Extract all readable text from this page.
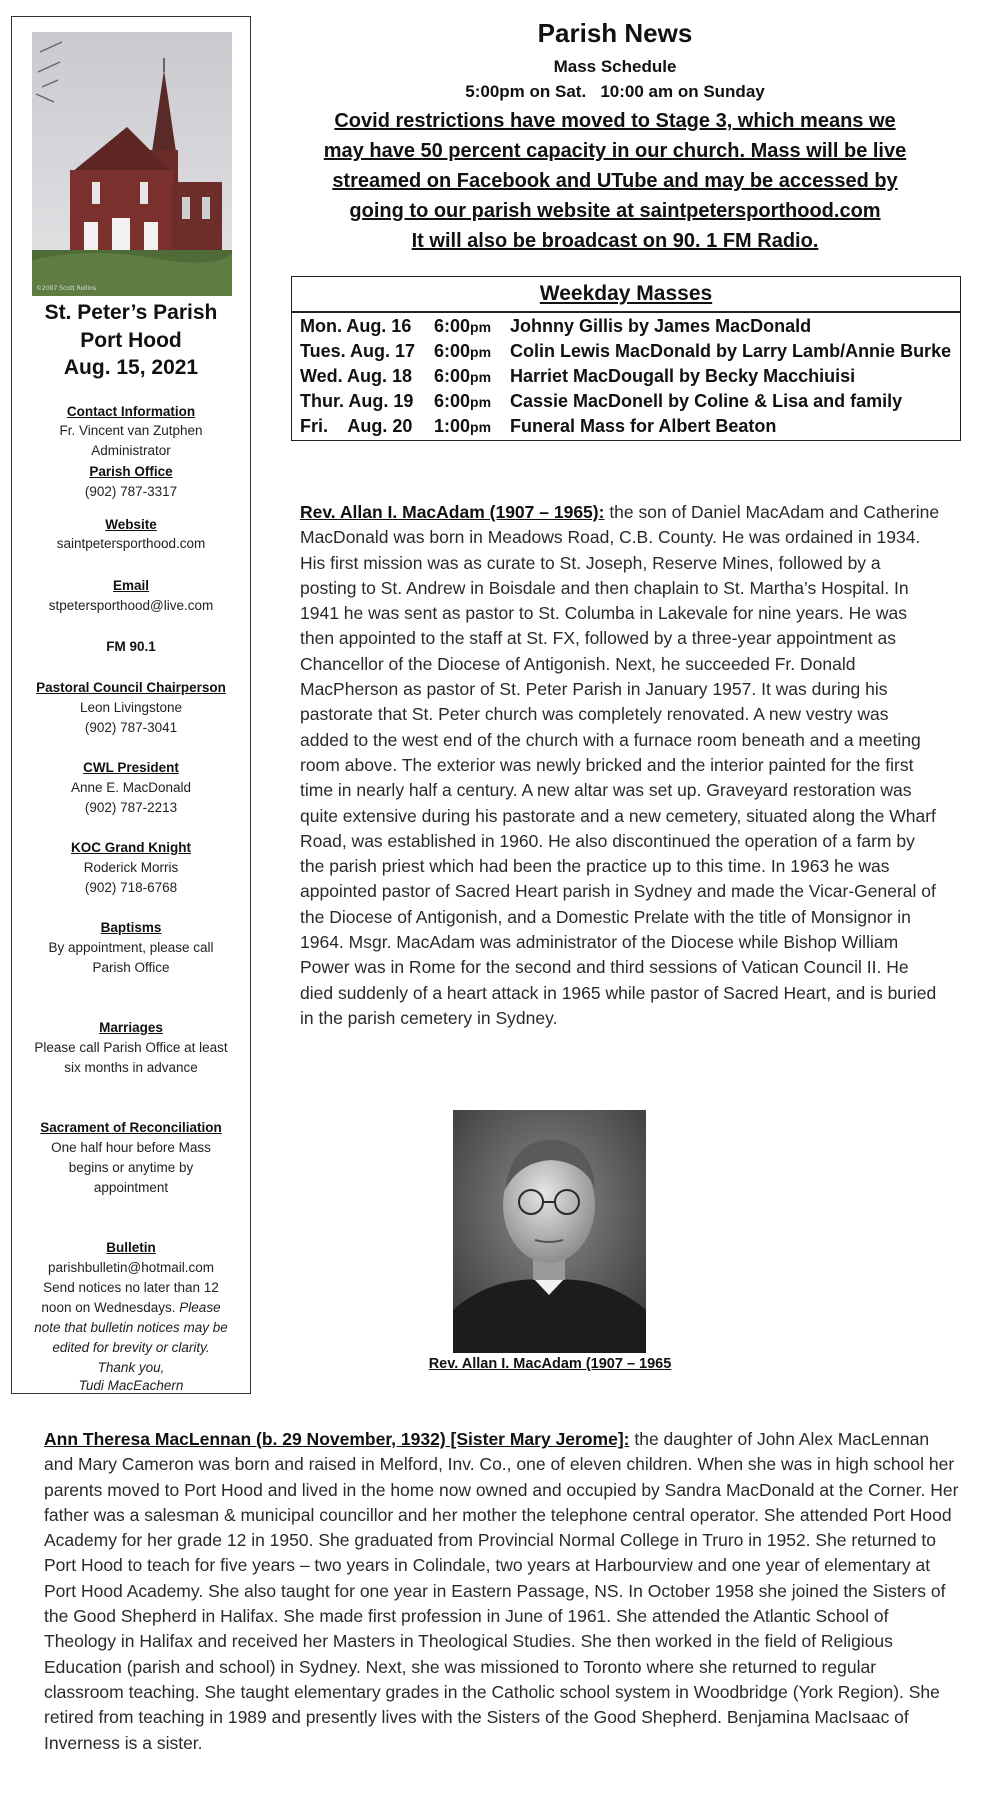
©2007 Scott Rollins
St. Peter’s Parish
Port Hood
Aug. 15, 2021
Contact Information
Fr. Vincent van Zutphen
Administrator
Parish Office
(902) 787-3317
Website
saintpetersporthood.com
Email
stpetersporthood@live.com
FM 90.1
Pastoral Council Chairperson
Leon Livingstone
(902) 787-3041
CWL President
Anne E. MacDonald
(902) 787-2213
KOC Grand Knight
Roderick Morris
(902) 718-6768
Baptisms
By appointment, please call
Parish Office
Marriages
Please call Parish Office at least
six months in advance
Sacrament of Reconciliation
One half hour before Mass
begins or anytime by
appointment
Bulletin
parishbulletin@hotmail.com
Send notices no later than 12
noon on Wednesdays. Please
note that bulletin notices may be
edited for brevity or clarity.
Thank you,
Tudi MacEachern
Parish News
Mass Schedule
5:00pm on Sat.   10:00 am on Sunday
Covid restrictions have moved to Stage 3, which means we
may have 50 percent capacity in our church. Mass will be live
streamed on Facebook and UTube and may be accessed by
going to our parish website at saintpetersporthood.com
It will also be broadcast on 90. 1 FM Radio.
Weekday Masses
Mon. Aug. 16 6:00pm Johnny Gillis by James MacDonald
Tues. Aug. 17 6:00pm Colin Lewis MacDonald by Larry Lamb/Annie Burke
Wed. Aug. 18 6:00pm Harriet MacDougall by Becky Macchiuisi
Thur. Aug. 19 6:00pm Cassie MacDonell by Coline & Lisa and family
Fri.    Aug. 20 1:00pm Funeral Mass for Albert Beaton
Rev. Allan I. MacAdam (1907 – 1965): the son of Daniel MacAdam and Catherine MacDonald was born in Meadows Road, C.B. County. He was ordained in 1934. His first mission was as curate to St. Joseph, Reserve Mines, followed by a posting to St. Andrew in Boisdale and then chaplain to St. Martha’s Hospital. In 1941 he was sent as pastor to St. Columba in Lakevale for nine years. He was then appointed to the staff at St. FX, followed by a three-year appointment as Chancellor of the Diocese of Antigonish. Next, he succeeded Fr. Donald MacPherson as pastor of St. Peter Parish in January 1957. It was during his pastorate that St. Peter church was completely renovated. A new vestry was added to the west end of the church with a furnace room beneath and a meeting room above. The exterior was newly bricked and the interior painted for the first time in nearly half a century. A new altar was set up. Graveyard restoration was quite extensive during his pastorate and a new cemetery, situated along the Wharf Road, was established in 1960. He also discontinued the operation of a farm by the parish priest which had been the practice up to this time. In 1963 he was appointed pastor of Sacred Heart parish in Sydney and made the Vicar-General of the Diocese of Antigonish, and a Domestic Prelate with the title of Monsignor in 1964. Msgr. MacAdam was administrator of the Diocese while Bishop William Power was in Rome for the second and third sessions of Vatican Council II. He died suddenly of a heart attack in 1965 while pastor of Sacred Heart, and is buried in the parish cemetery in Sydney.
Rev. Allan I. MacAdam (1907 – 1965
Ann Theresa MacLennan (b. 29 November, 1932) [Sister Mary Jerome]: the daughter of John Alex MacLennan and Mary Cameron was born and raised in Melford, Inv. Co., one of eleven children. When she was in high school her parents moved to Port Hood and lived in the home now owned and occupied by Sandra MacDonald at the Corner. Her father was a salesman & municipal councillor and her mother the telephone central operator. She attended Port Hood Academy for her grade 12 in 1950. She graduated from Provincial Normal College in Truro in 1952. She returned to Port Hood to teach for five years – two years in Colindale, two years at Harbourview and one year of elementary at Port Hood Academy. She also taught for one year in Eastern Passage, NS. In October 1958 she joined the Sisters of the Good Shepherd in Halifax. She made first profession in June of 1961. She attended the Atlantic School of Theology in Halifax and received her Masters in Theological Studies. She then worked in the field of Religious Education (parish and school) in Sydney. Next, she was missioned to Toronto where she returned to regular classroom teaching. She taught elementary grades in the Catholic school system in Woodbridge (York Region). She retired from teaching in 1989 and presently lives with the Sisters of the Good Shepherd. Benjamina MacIsaac of Inverness is a sister.
